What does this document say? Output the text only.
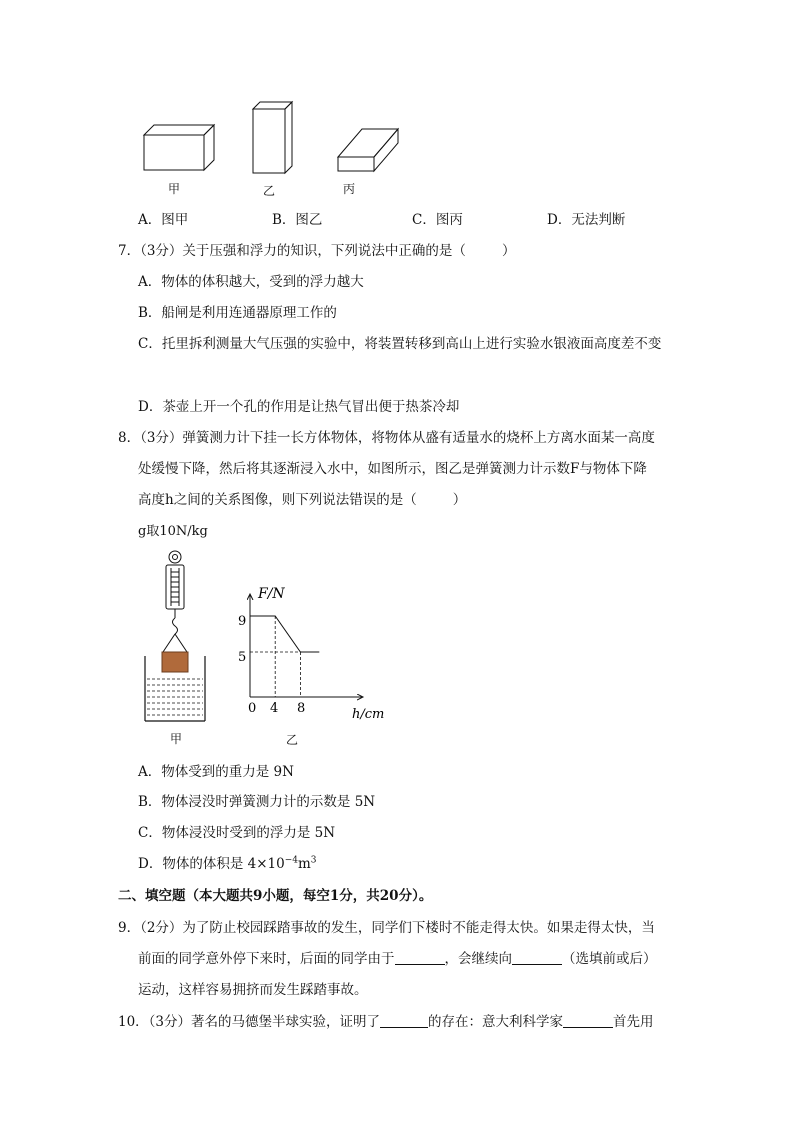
甲	乙	丙
A．图甲	B．图乙	C．图丙	D．无法判断
7．（3分）关于压强和浮力的知识，下列说法中正确的是（	）
A．物体的体积越大，受到的浮力越大
B．船闸是利用连通器原理工作的
C．托里拆利测量大气压强的实验中，将装置转移到高山上进行实验水银液面高度差不变
D．茶壶上开一个孔的作用是让热气冒出便于热茶冷却
8．（3分）弹簧测力计下挂一长方体物体，将物体从盛有适量水的烧杯上方离水面某一高度
处缓慢下降，然后将其逐渐浸入水中，如图所示，图乙是弹簧测力计示数F与物体下降
高度h之间的关系图像，则下列说法错误的是（	）
g取10N/kg
甲
F/N
h/cm
0 4 8
9
5
乙
A．物体受到的重力是 9N
B．物体浸没时弹簧测力计的示数是 5N
C．物体浸没时受到的浮力是 5N
D．物体的体积是 $4\times 10^{-4}m^3$
二、填空题（本大题共9小题，每空1分，共20分）。
9．（2分）为了防止校园踩踏事故的发生，同学们下楼时不能走得太快。如果走得太快，当
前面的同学意外停下来时，后面的同学由于	，会继续向	（选填前或后）
运动，这样容易拥挤而发生踩踏事故。
10．（3分）著名的马德堡半球实验，证明了	的存在：意大利科学家	首先用
